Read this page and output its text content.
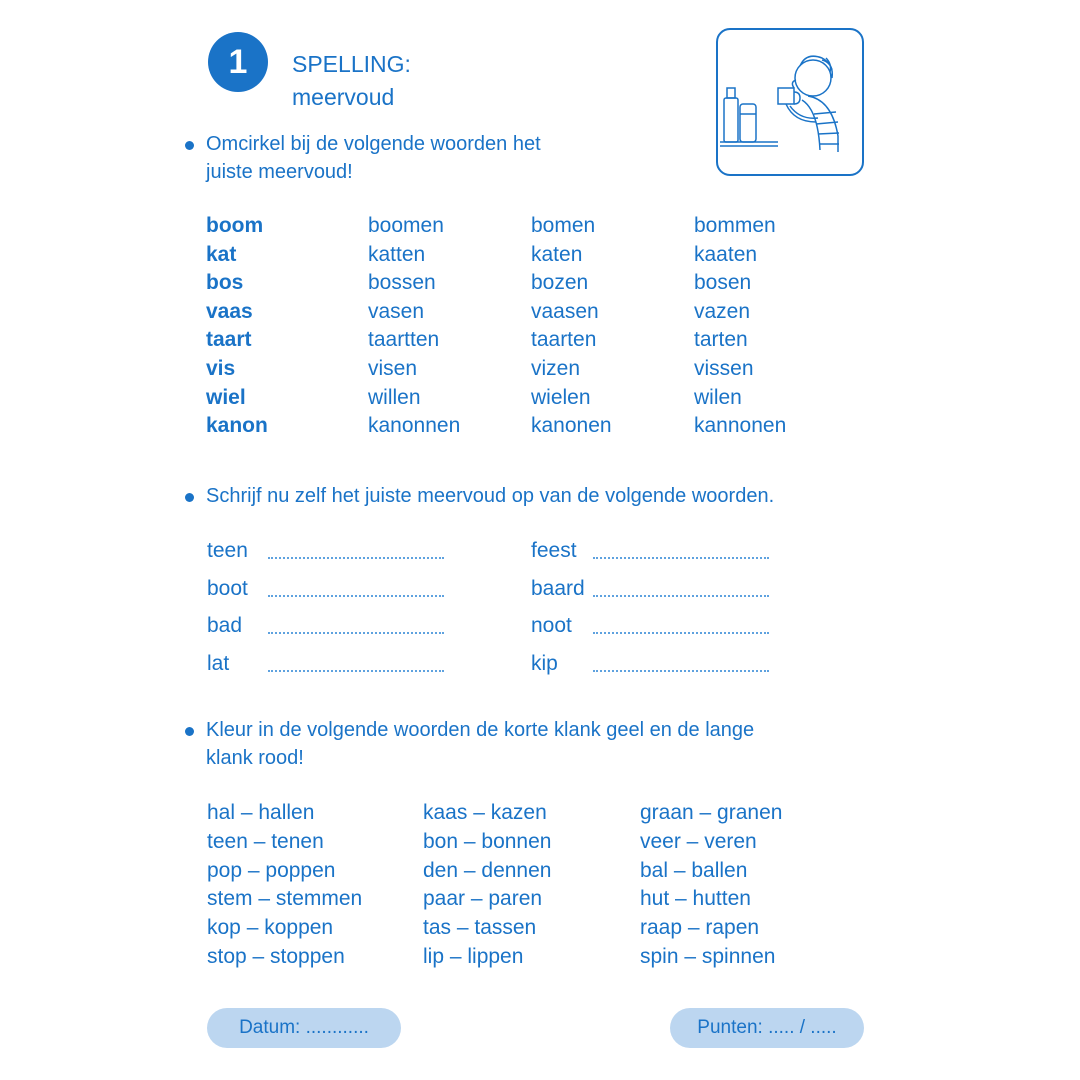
1	SPELLING:
meervoud
Omcirkel bij de volgende woorden het
juiste meervoud!
boom	boomen	bomen	bommen
kat	katten	katen	kaaten
bos	bossen	bozen	bosen
vaas	vasen	vaasen	vazen
taart	taartten	taarten	tarten
vis	visen	vizen	vissen
wiel	willen	wielen	wilen
kanon	kanonnen	kanonen	kannonen
Schrijf nu zelf het juiste meervoud op van de volgende woorden.
teen
boot
bad
lat
feest
baard
noot
kip
Kleur in de volgende woorden de korte klank geel en de lange
klank rood!
hal – hallen
teen – tenen
pop – poppen
stem – stemmen
kop – koppen
stop – stoppen
kaas – kazen
bon – bonnen
den – dennen
paar – paren
tas – tassen
lip – lippen
graan – granen
veer – veren
bal – ballen
hut – hutten
raap – rapen
spin – spinnen
Datum: ............	Punten: ..... / .....
